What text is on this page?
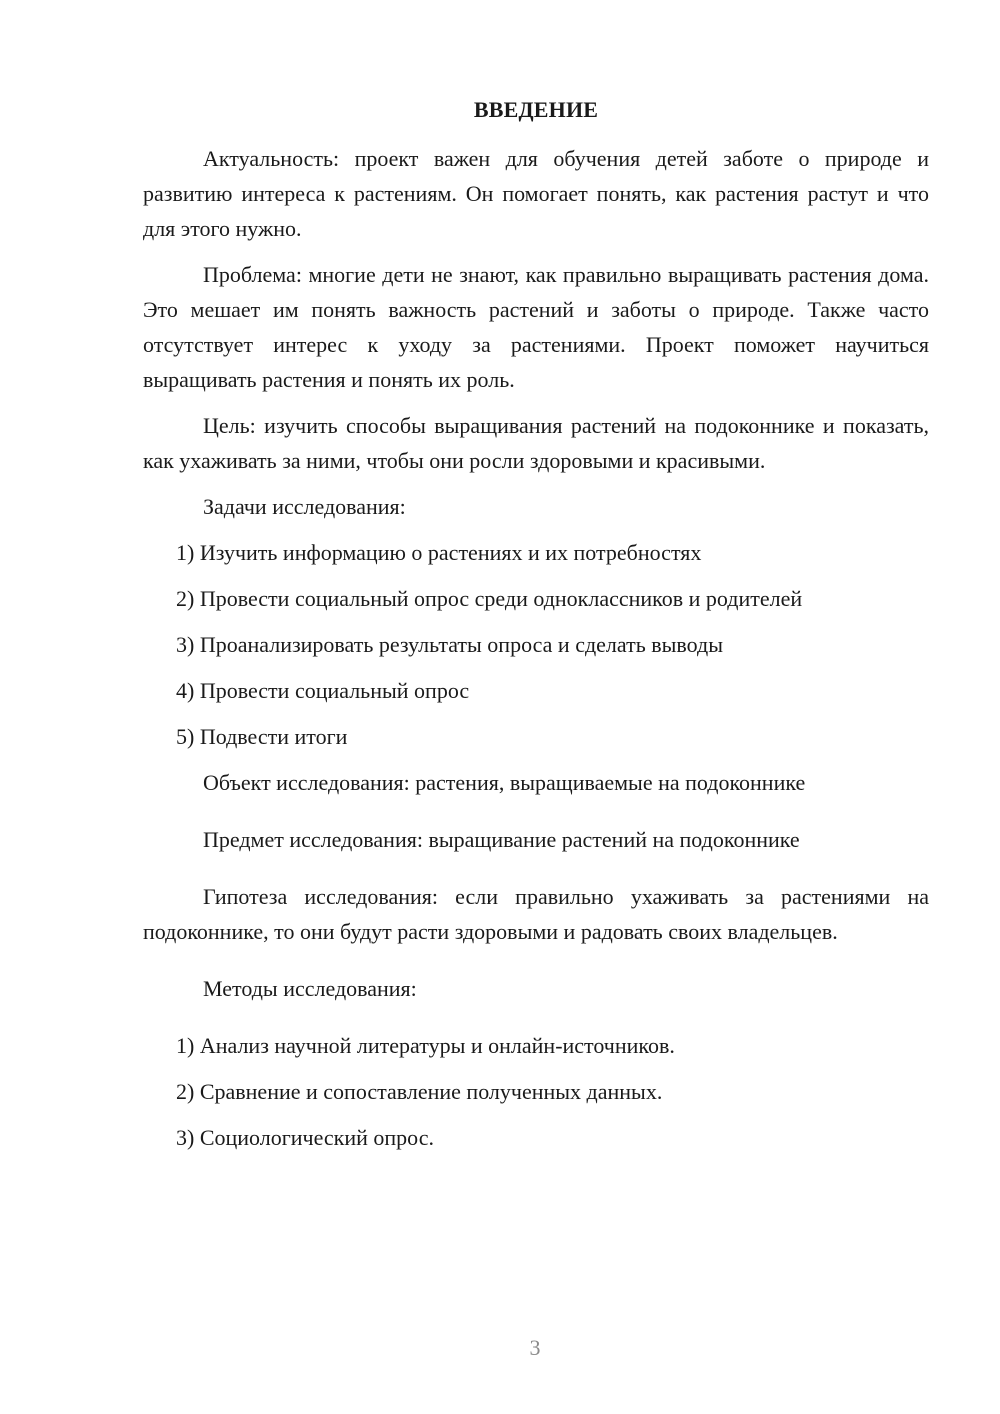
ВВЕДЕНИЕ

Актуальность: проект важен для обучения детей заботе о природе и развитию интереса к растениям. Он помогает понять, как растения растут и что для этого нужно.

Проблема: многие дети не знают, как правильно выращивать растения дома. Это мешает им понять важность растений и заботы о природе. Также часто отсутствует интерес к уходу за растениями. Проект поможет научиться выращивать растения и понять их роль.

Цель: изучить способы выращивания растений на подоконнике и показать, как ухаживать за ними, чтобы они росли здоровыми и красивыми.

Задачи исследования:

1) Изучить информацию о растениях и их потребностях

2) Провести социальный опрос среди одноклассников и родителей

3) Проанализировать результаты опроса и сделать выводы

4) Провести социальный опрос

5) Подвести итоги

Объект исследования: растения, выращиваемые на подоконнике

Предмет исследования: выращивание растений на подоконнике

Гипотеза исследования: если правильно ухаживать за растениями на подоконнике, то они будут расти здоровыми и радовать своих владельцев.

Методы исследования:

1) Анализ научной литературы и онлайн-источников.

2) Сравнение и сопоставление полученных данных.

3) Социологический опрос.

3
